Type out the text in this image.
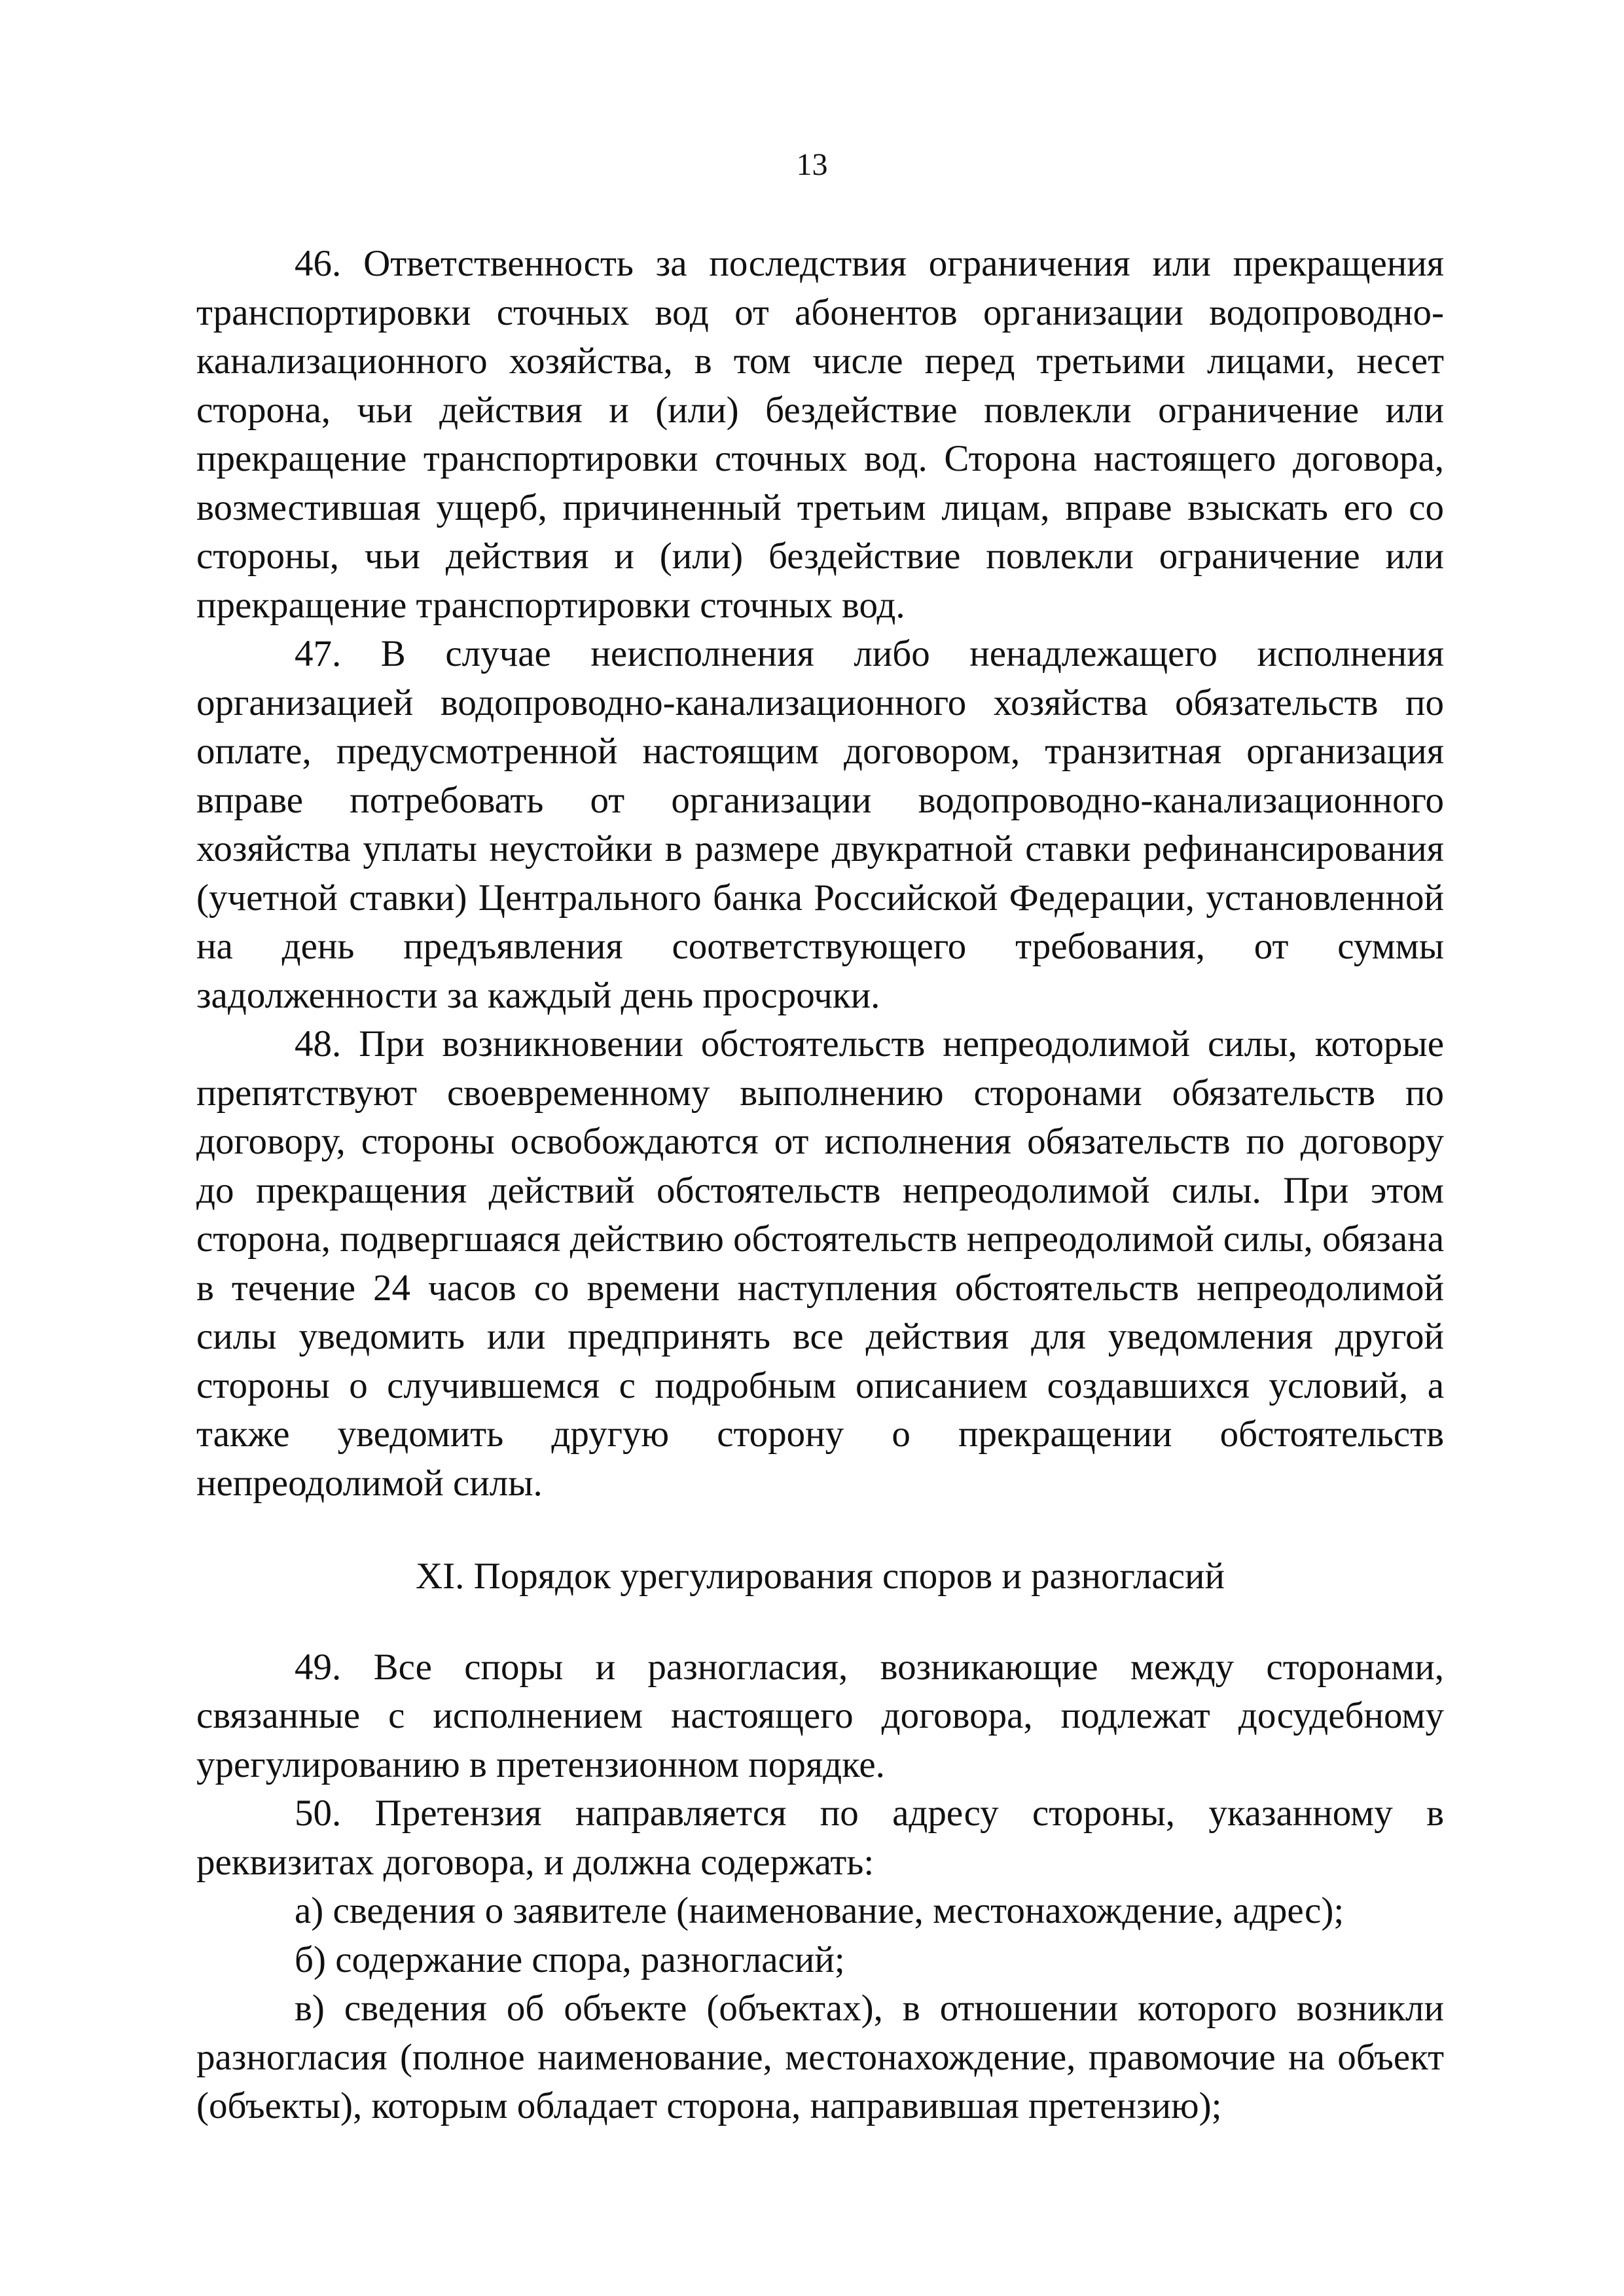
13

46. Ответственность за последствия ограничения или прекращения транспортировки сточных вод от абонентов организации водопроводно-канализационного хозяйства, в том числе перед третьими лицами, несет сторона, чьи действия и (или) бездействие повлекли ограничение или прекращение транспортировки сточных вод. Сторона настоящего договора, возместившая ущерб, причиненный третьим лицам, вправе взыскать его со стороны, чьи действия и (или) бездействие повлекли ограничение или прекращение транспортировки сточных вод.

47. В случае неисполнения либо ненадлежащего исполнения организацией водопроводно-канализационного хозяйства обязательств по оплате, предусмотренной настоящим договором, транзитная организация вправе потребовать от организации водопроводно-канализационного хозяйства уплаты неустойки в размере двукратной ставки рефинансирования (учетной ставки) Центрального банка Российской Федерации, установленной на день предъявления соответствующего требования, от суммы задолженности за каждый день просрочки.

48. При возникновении обстоятельств непреодолимой силы, которые препятствуют своевременному выполнению сторонами обязательств по договору, стороны освобождаются от исполнения обязательств по договору до прекращения действий обстоятельств непреодолимой силы. При этом сторона, подвергшаяся действию обстоятельств непреодолимой силы, обязана в течение 24 часов со времени наступления обстоятельств непреодолимой силы уведомить или предпринять все действия для уведомления другой стороны о случившемся с подробным описанием создавшихся условий, а также уведомить другую сторону о прекращении обстоятельств непреодолимой силы.

XI. Порядок урегулирования споров и разногласий

49. Все споры и разногласия, возникающие между сторонами, связанные с исполнением настоящего договора, подлежат досудебному урегулированию в претензионном порядке.

50. Претензия направляется по адресу стороны, указанному в реквизитах договора, и должна содержать:

а) сведения о заявителе (наименование, местонахождение, адрес);

б) содержание спора, разногласий;

в) сведения об объекте (объектах), в отношении которого возникли разногласия (полное наименование, местонахождение, правомочие на объект (объекты), которым обладает сторона, направившая претензию);
